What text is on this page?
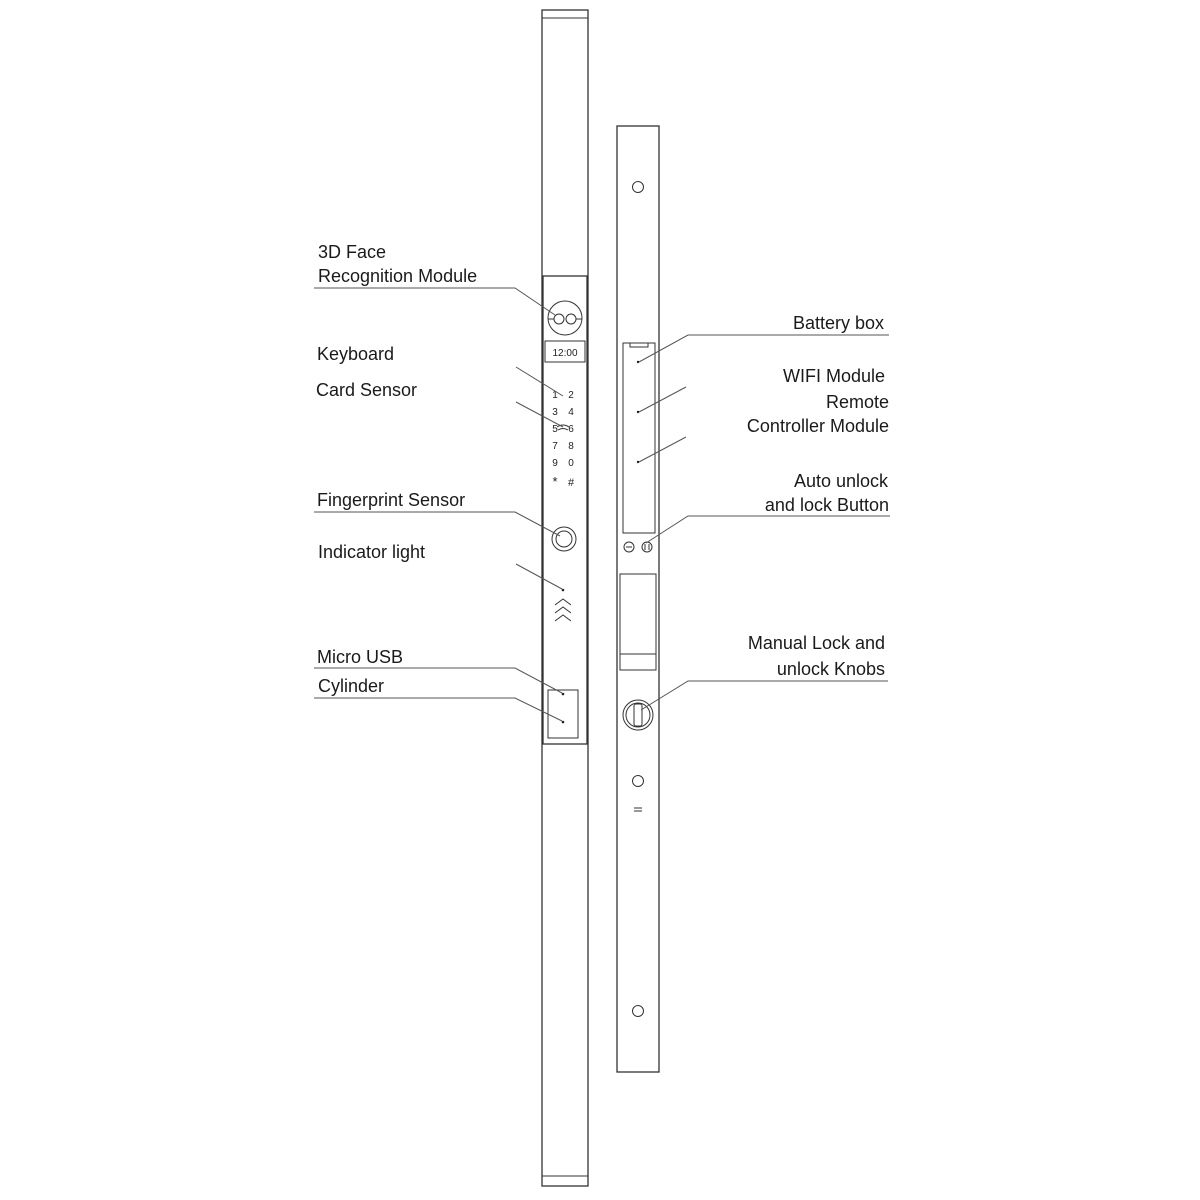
12:00
1 2
3 4
5 6
7 8
9 0
* #
3D Face
Recognition Module
Keyboard
Card Sensor
Fingerprint Sensor
Indicator light
Micro USB
Cylinder
Battery box
WIFI Module
Remote
Controller Module
Auto unlock
and lock Button
Manual Lock and
unlock Knobs
